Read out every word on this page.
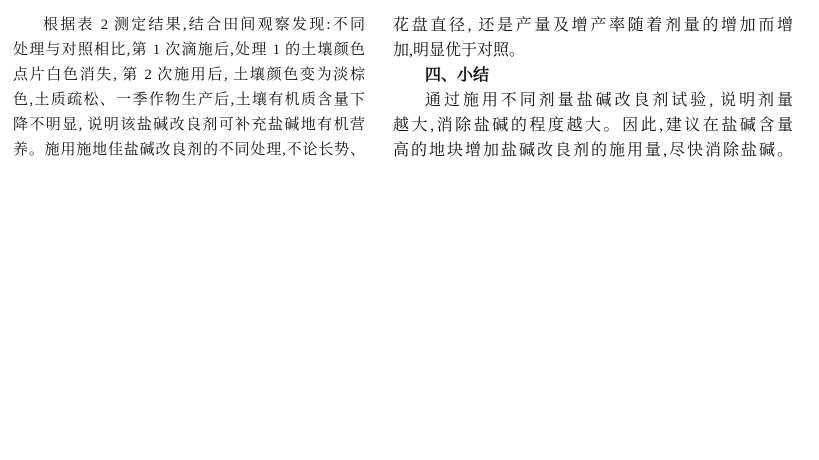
根据表 2 测定结果,结合田间观察发现:不同
处理与对照相比,第 1 次滴施后,处理 1 的土壤颜色
点片白色消失, 第 2 次施用后, 土壤颜色变为淡棕
色,土质疏松、一季作物生产后,土壤有机质含量下
降不明显, 说明该盐碱改良剂可补充盐碱地有机营
养。施用施地佳盐碱改良剂的不同处理,不论长势、
花盘直径, 还是产量及增产率随着剂量的增加而增
加,明显优于对照。
四、小结
通过施用不同剂量盐碱改良剂试验, 说明剂量
越大,消除盐碱的程度越大。因此,建议在盐碱含量
高的地块增加盐碱改良剂的施用量,尽快消除盐碱。
